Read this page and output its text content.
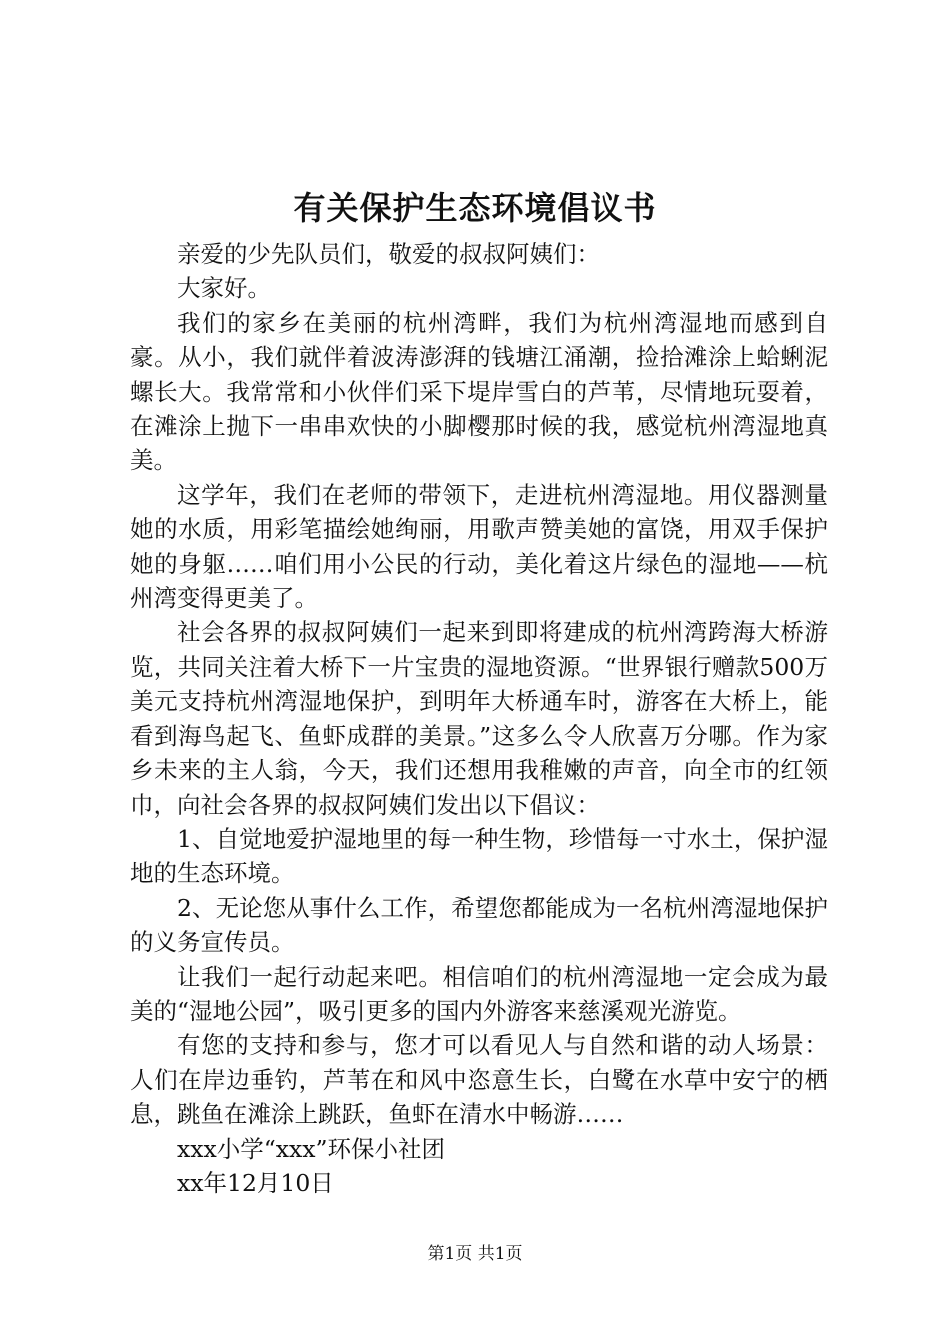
有关保护生态环境倡议书

亲爱的少先队员们，敬爱的叔叔阿姨们：

大家好。

我们的家乡在美丽的杭州湾畔，我们为杭州湾湿地而感到自豪。从小，我们就伴着波涛澎湃的钱塘江涌潮，捡拾滩涂上蛤蜊泥螺长大。我常常和小伙伴们采下堤岸雪白的芦苇，尽情地玩耍着，在滩涂上抛下一串串欢快的小脚樱那时候的我，感觉杭州湾湿地真美。

这学年，我们在老师的带领下，走进杭州湾湿地。用仪器测量她的水质，用彩笔描绘她绚丽，用歌声赞美她的富饶，用双手保护她的身躯……咱们用小公民的行动，美化着这片绿色的湿地——杭州湾变得更美了。

社会各界的叔叔阿姨们一起来到即将建成的杭州湾跨海大桥游览，共同关注着大桥下一片宝贵的湿地资源。“世界银行赠款500万美元支持杭州湾湿地保护，到明年大桥通车时，游客在大桥上，能看到海鸟起飞、鱼虾成群的美景。”这多么令人欣喜万分哪。作为家乡未来的主人翁，今天，我们还想用我稚嫩的声音，向全市的红领巾，向社会各界的叔叔阿姨们发出以下倡议：

1、自觉地爱护湿地里的每一种生物，珍惜每一寸水土，保护湿地的生态环境。

2、无论您从事什么工作，希望您都能成为一名杭州湾湿地保护的义务宣传员。

让我们一起行动起来吧。相信咱们的杭州湾湿地一定会成为最美的“湿地公园”，吸引更多的国内外游客来慈溪观光游览。

有您的支持和参与，您才可以看见人与自然和谐的动人场景：人们在岸边垂钓，芦苇在和风中恣意生长，白鹭在水草中安宁的栖息，跳鱼在滩涂上跳跃，鱼虾在清水中畅游……

xxx小学“xxx”环保小社团

xx年12月10日

第1页 共1页
